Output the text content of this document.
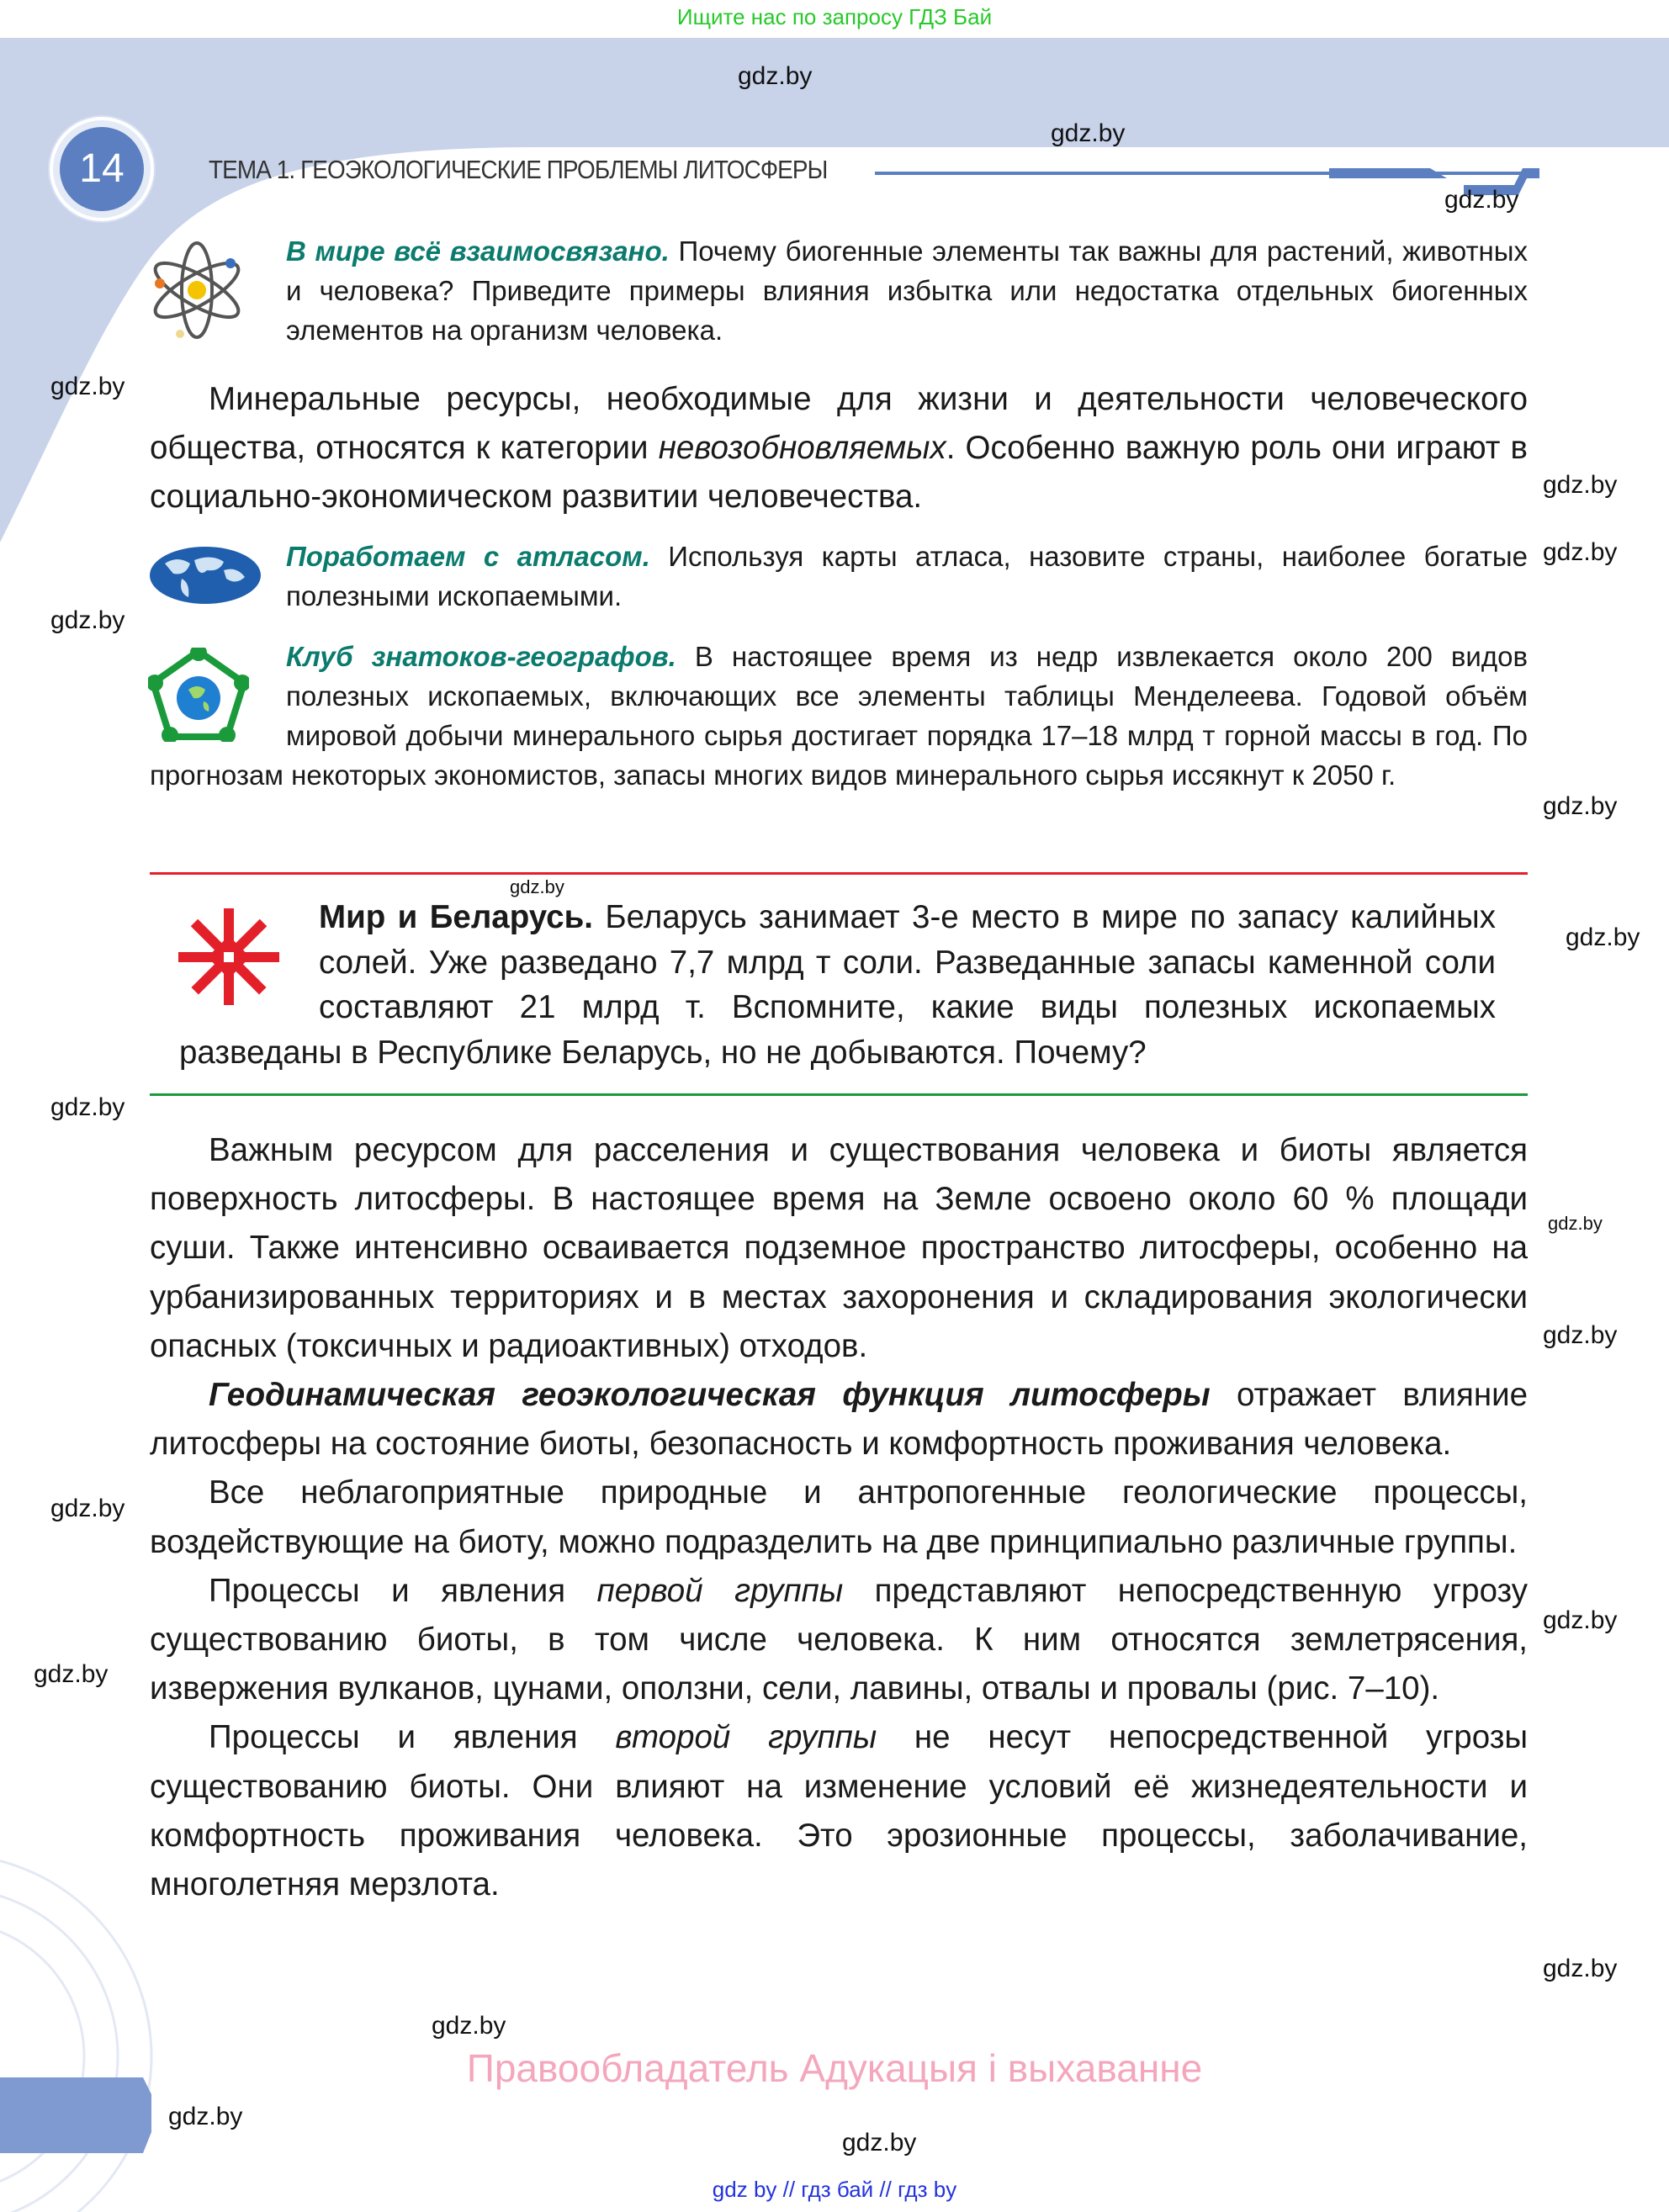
Ищите нас по запросу ГДЗ Бай
14	ТЕМА 1. ГЕОЭКОЛОГИЧЕСКИЕ ПРОБЛЕМЫ ЛИТОСФЕРЫ
В мире всё взаимосвязано. Почему биогенные элементы так важны для растений, животных и человека? Приведите примеры влияния избытка или недостатка отдельных биогенных элементов на организм человека.
Минеральные ресурсы, необходимые для жизни и деятельности человеческого общества, относятся к категории невозобновляемых. Особенно важную роль они играют в социально-экономическом развитии человечества.
Поработаем с атласом. Используя карты атласа, назовите страны, наиболее богатые полезными ископаемыми.
Клуб знатоков-географов. В настоящее время из недр извлекается около 200 видов полезных ископаемых, включающих все элементы таблицы Менделеева. Годовой объём мировой добычи минерального сырья достигает порядка 17–18 млрд т горной массы в год. По прогнозам некоторых экономистов, запасы многих видов минерального сырья иссякнут к 2050 г.
Мир и Беларусь. Беларусь занимает 3-е место в мире по запасу калийных солей. Уже разведано 7,7 млрд т соли. Разведанные запасы каменной соли составляют 21 млрд т. Вспомните, какие виды полезных ископаемых разведаны в Республике Беларусь, но не добываются. Почему?

Важным ресурсом для расселения и существования человека и биоты является поверхность литосферы. В настоящее время на Земле освоено около 60 % площади суши. Также интенсивно осваивается подземное пространство литосферы, особенно на урбанизированных территориях и в местах захоронения и складирования экологически опасных (токсичных и радиоактивных) отходов.

Геодинамическая геоэкологическая функция литосферы отражает влияние литосферы на состояние биоты, безопасность и комфортность проживания человека.

Все неблагоприятные природные и антропогенные геологические процессы, воздействующие на биоту, можно подразделить на две принципиально различные группы.

Процессы и явления первой группы представляют непосредственную угрозу существованию биоты, в том числе человека. К ним относятся землетрясения, извержения вулканов, цунами, оползни, сели, лавины, отвалы и провалы (рис. 7–10).

Процессы и явления второй группы не несут непосредственной угрозы существованию биоты. Они влияют на изменение условий её жизнедеятельности и комфортность проживания человека. Это эрозионные процессы, заболачивание, многолетняя мерзлота.

Правообладатель Адукацыя і выхаванне
gdz by // гдз бай // гдз by
gdz.by
gdz.by
gdz.by
gdz.by
gdz.by
gdz.by
gdz.by
gdz.by
gdz.by
gdz.by
gdz.by
gdz.by
gdz.by
gdz.by
gdz.by
gdz.by
gdz.by
gdz.by
gdz.by
gdz.by
